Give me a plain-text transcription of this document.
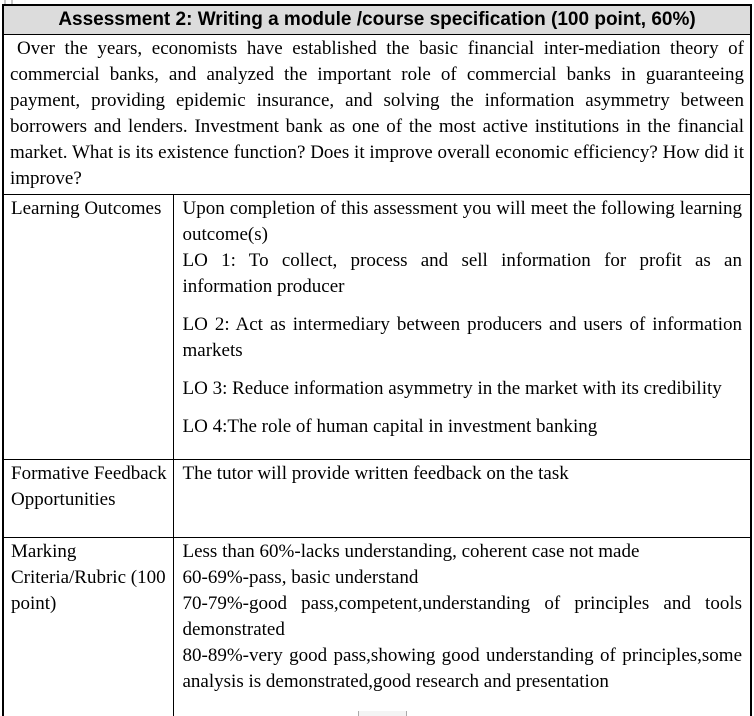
Assessment 2: Writing a module /course specification (100 point, 60%)	

Over the years, economists have established the basic financial inter-mediation theory of commercial banks, and analyzed the important role of commercial banks in guaranteeing payment, providing epidemic insurance, and solving the information asymmetry between borrowers and lenders. Investment bank as one of the most active institutions in the financial market. What is its existence function? Does it improve overall economic efficiency? How did it improve?	

Learning Outcomes	Upon completion of this assessment you will meet the following learning outcome(s)

LO 1: To collect, process and sell information for profit as an information producer

LO 2: Act as intermediary between producers and users of information markets

LO 3: Reduce information asymmetry in the market with its credibility

LO 4:The role of human capital in investment banking

Formative Feedback Opportunities	The tutor will provide written feedback on the task

Marking Criteria/Rubric (100 point)	Less than 60%-lacks understanding, coherent case not made

60-69%-pass, basic understand

70-79%-good pass,competent,understanding of principles and tools demonstrated

80-89%-very good pass,showing good understanding of principles,some analysis is demonstrated,good research and presentation
